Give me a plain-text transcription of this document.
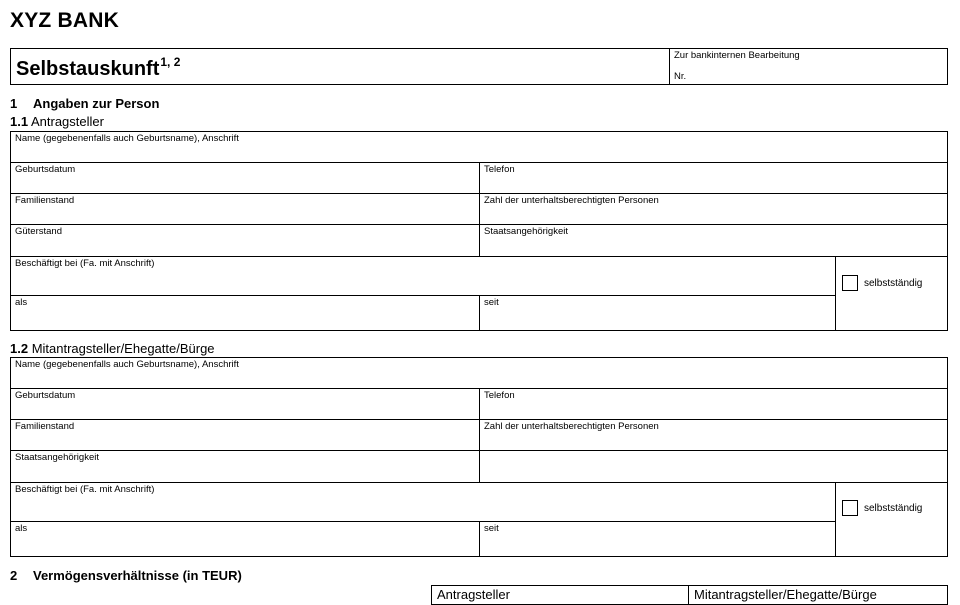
XYZ BANK
Selbstauskunft$^{1, 2}$	Zur bankinternen Bearbeitung
Nr.
1 Angaben zur Person
1.1 Antragsteller
Name (gegebenenfalls auch Geburtsname), Anschrift
Geburtsdatum	Telefon
Familienstand	Zahl der unterhaltsberechtigten Personen
Güterstand	Staatsangehörigkeit
Beschäftigt bei (Fa. mit Anschrift)
selbstständig
als	seit
1.2 Mitantragsteller/Ehegatte/Bürge
Name (gegebenenfalls auch Geburtsname), Anschrift
Geburtsdatum	Telefon
Familienstand	Zahl der unterhaltsberechtigten Personen
Staatsangehörigkeit
Beschäftigt bei (Fa. mit Anschrift)
selbstständig
als	seit
2 Vermögensverhältnisse (in TEUR)
Antragsteller	Mitantragsteller/Ehegatte/Bürge
